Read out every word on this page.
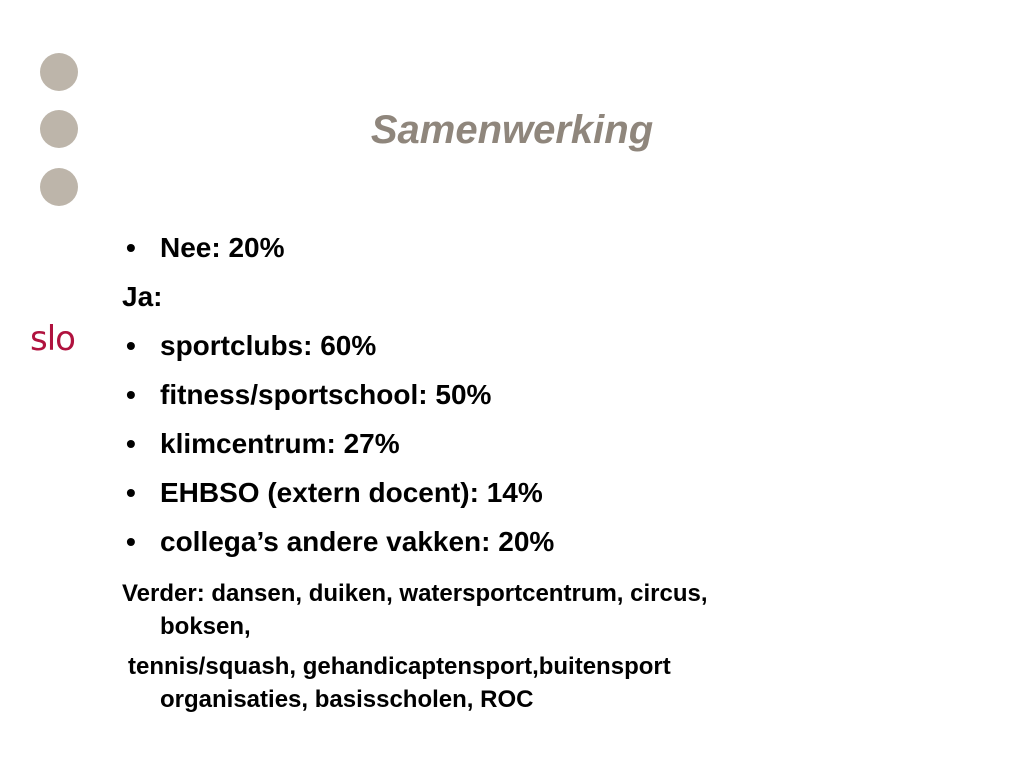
slo
Samenwerking
• Nee: 20%
Ja:
• sportclubs: 60%
• fitness/sportschool: 50%
• klimcentrum: 27%
• EHBSO (extern docent): 14%
• collega’s andere vakken: 20%
Verder: dansen, duiken, watersportcentrum, circus,
boksen,
tennis/squash, gehandicaptensport,buitensport
organisaties, basisscholen, ROC
